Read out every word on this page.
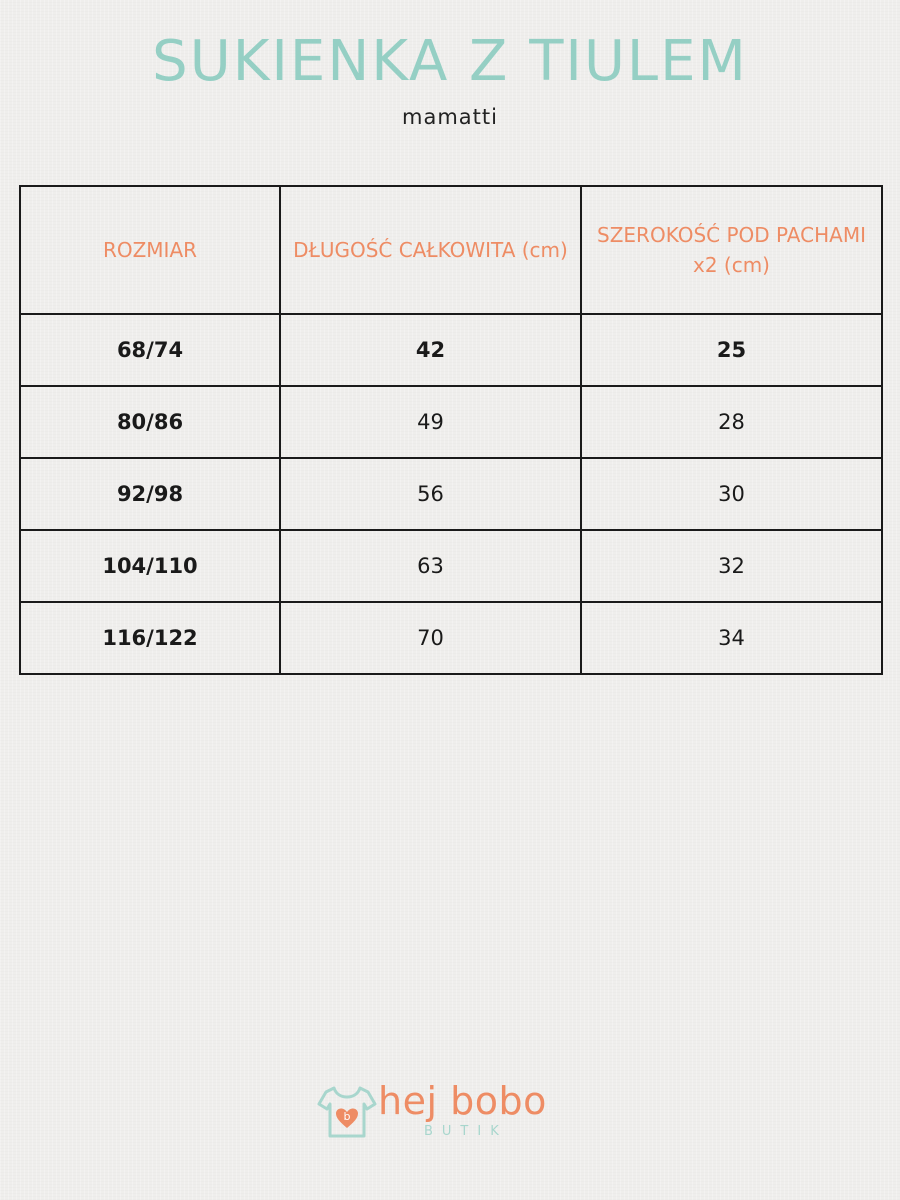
SUKIENKA Z TIULEM
mamatti
ROZMIAR	DŁUGOŚĆ CAŁKOWITA (cm)	SZEROKOŚĆ POD PACHAMI x2 (cm)
68/74	42	25
80/86	49	28
92/98	56	30
104/110	63	32
116/122	70	34
b hej bobo
BUTIK
